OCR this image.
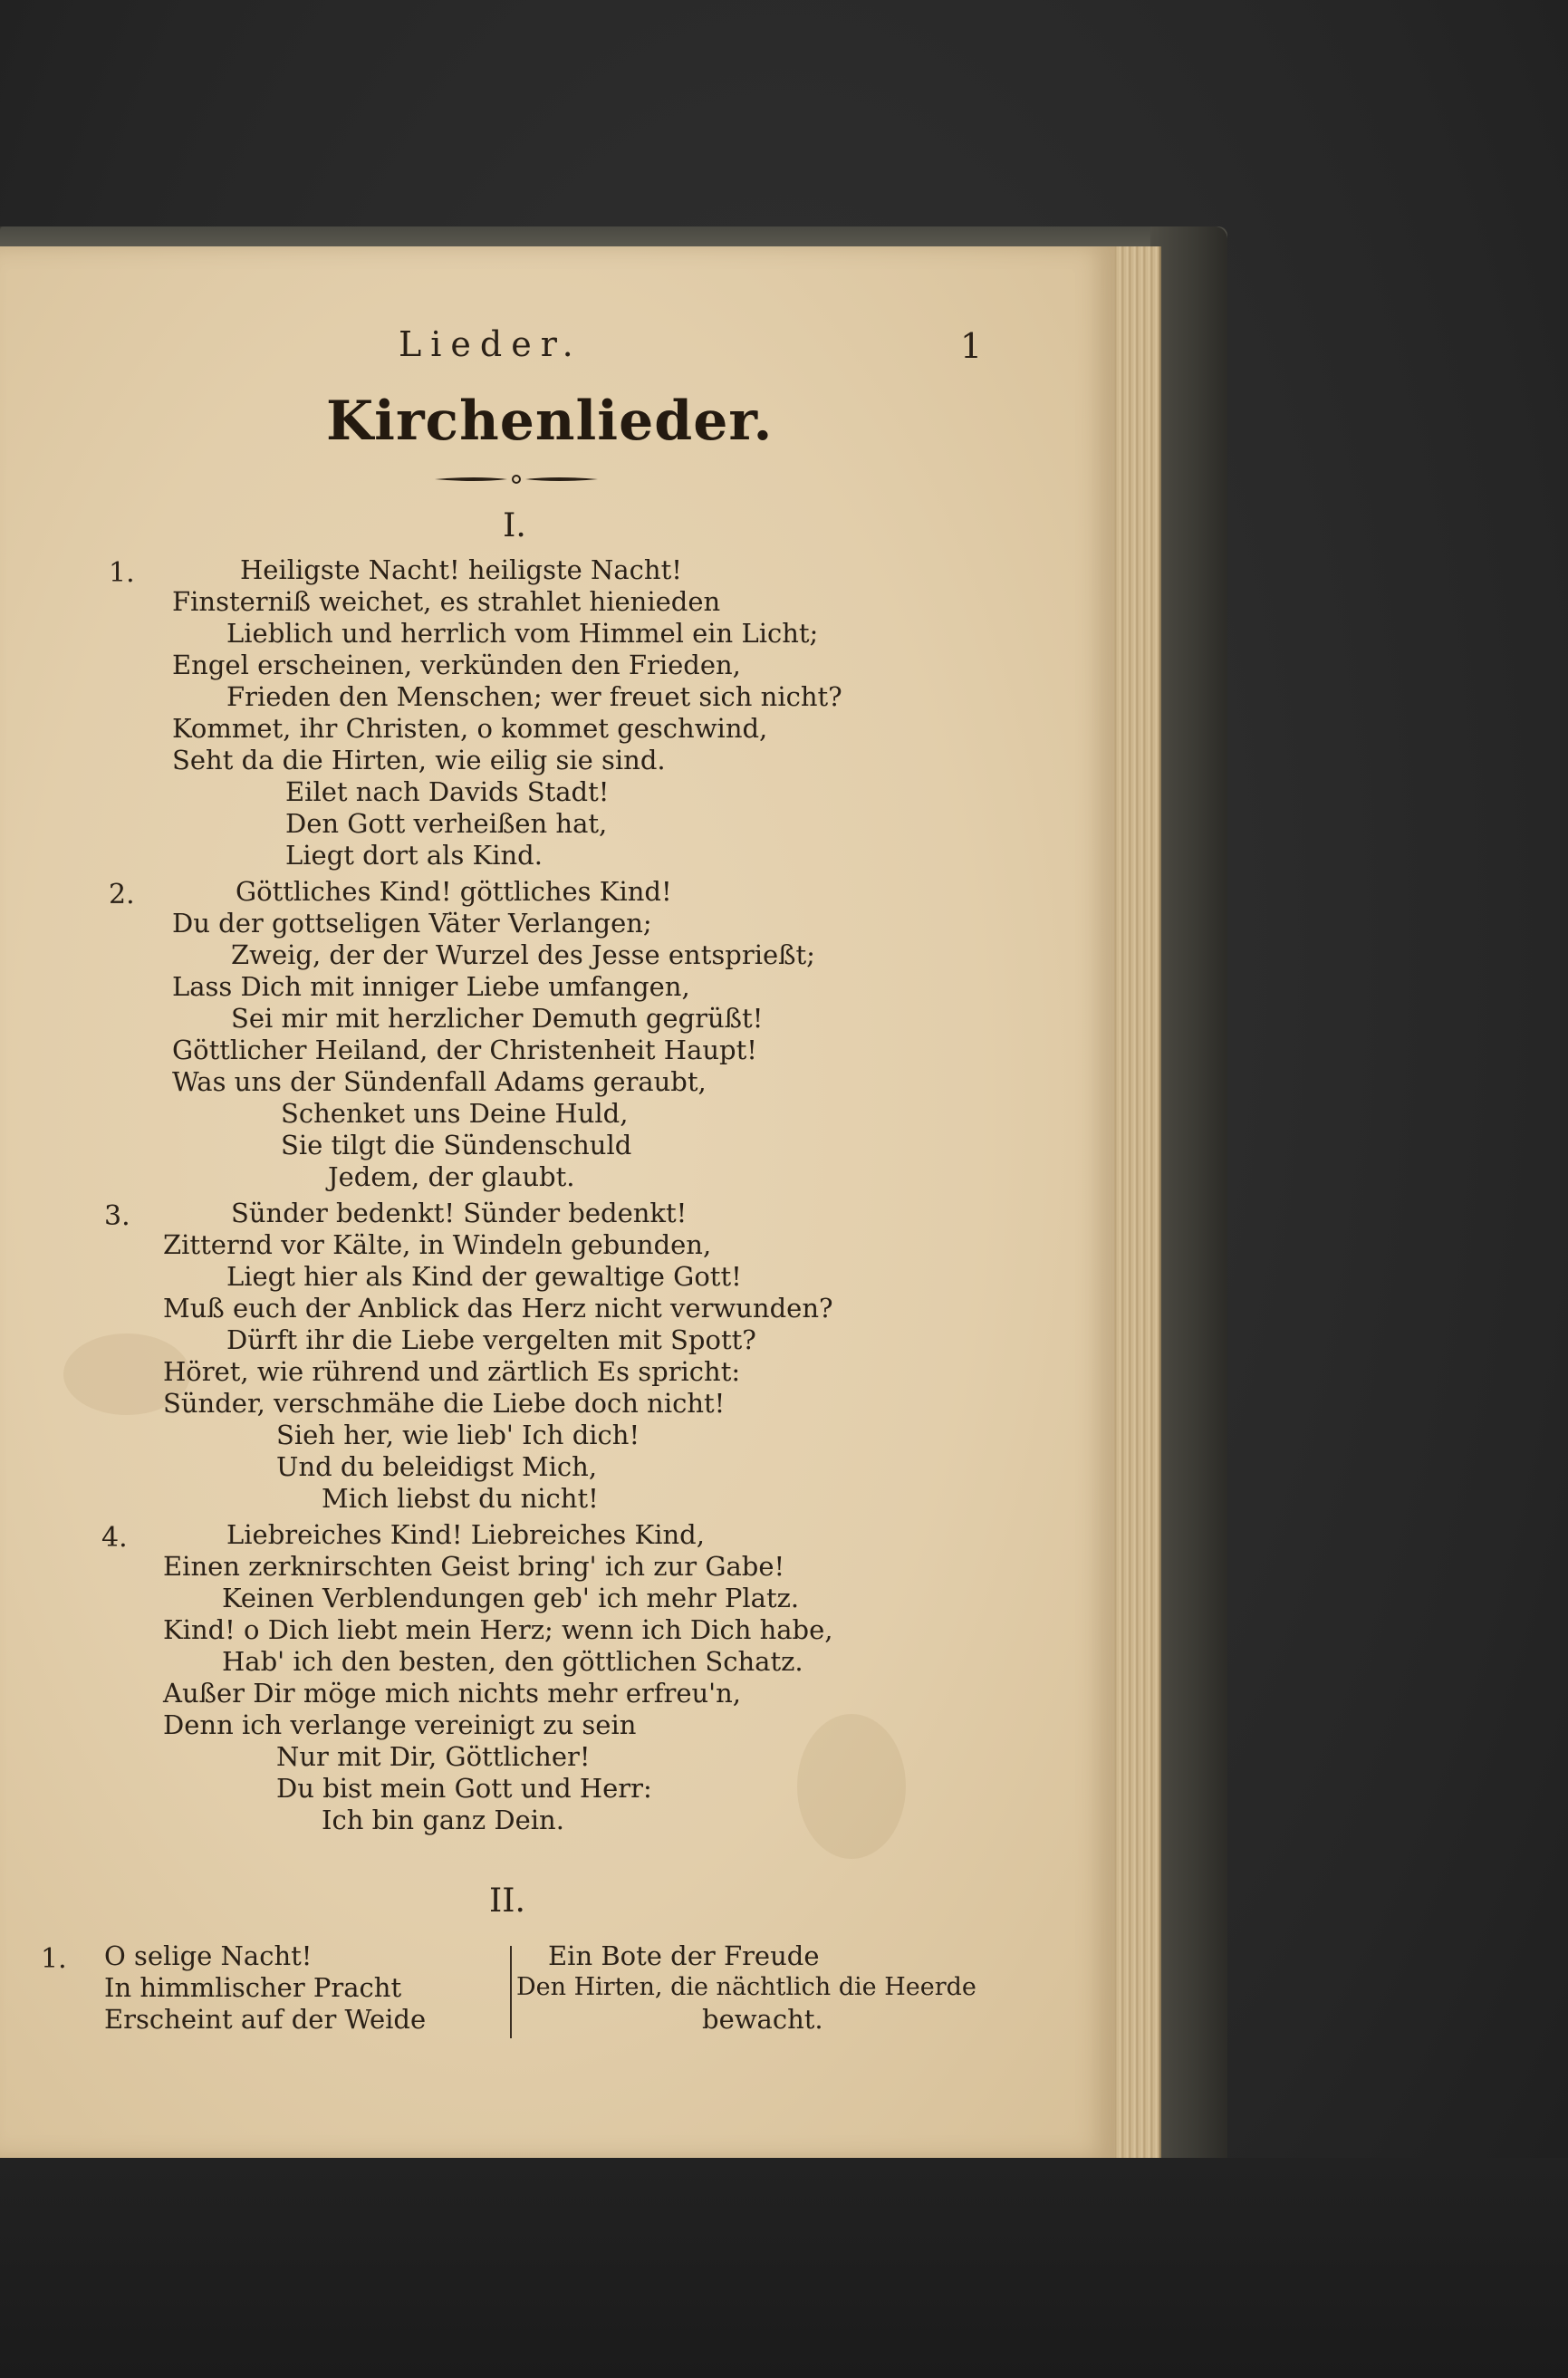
Lieder.	1
Kirchenlieder.
I.
1.	Heiligste Nacht! heiligste Nacht!
Finsterniß weichet, es strahlet hienieden
Lieblich und herrlich vom Himmel ein Licht;
Engel erscheinen, verkünden den Frieden,
Frieden den Menschen; wer freuet sich nicht?
Kommet, ihr Christen, o kommet geschwind,
Seht da die Hirten, wie eilig sie sind.
Eilet nach Davids Stadt!
Den Gott verheißen hat,
Liegt dort als Kind.
2.	Göttliches Kind! göttliches Kind!
Du der gottseligen Väter Verlangen;
Zweig, der der Wurzel des Jesse entsprießt;
Lass Dich mit inniger Liebe umfangen,
Sei mir mit herzlicher Demuth gegrüßt!
Göttlicher Heiland, der Christenheit Haupt!
Was uns der Sündenfall Adams geraubt,
Schenket uns Deine Huld,
Sie tilgt die Sündenschuld
Jedem, der glaubt.
3.	Sünder bedenkt! Sünder bedenkt!
Zitternd vor Kälte, in Windeln gebunden,
Liegt hier als Kind der gewaltige Gott!
Muß euch der Anblick das Herz nicht verwunden?
Dürft ihr die Liebe vergelten mit Spott?
Höret, wie rührend und zärtlich Es spricht:
Sünder, verschmähe die Liebe doch nicht!
Sieh her, wie lieb' Ich dich!
Und du beleidigst Mich,
Mich liebst du nicht!
4.	Liebreiches Kind! Liebreiches Kind,
Einen zerknirschten Geist bring' ich zur Gabe!
Keinen Verblendungen geb' ich mehr Platz.
Kind! o Dich liebt mein Herz; wenn ich Dich habe,
Hab' ich den besten, den göttlichen Schatz.
Außer Dir möge mich nichts mehr erfreu'n,
Denn ich verlange vereinigt zu sein
Nur mit Dir, Göttlicher!
Du bist mein Gott und Herr:
Ich bin ganz Dein.
II.
1. O selige Nacht!
In himmlischer Pracht
Erscheint auf der Weide
Ein Bote der Freude
Den Hirten, die nächtlich die Heerde
bewacht.
